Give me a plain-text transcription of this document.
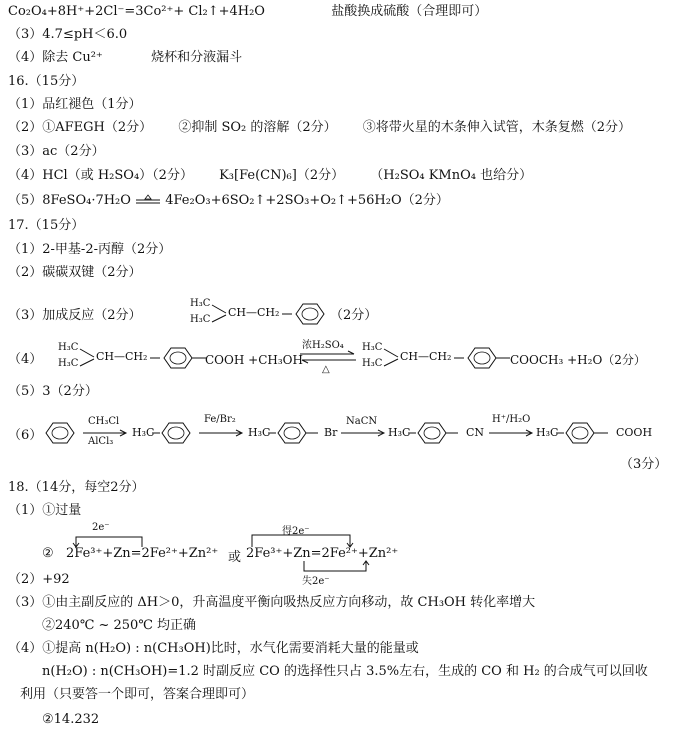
Co₂O₄+8H⁺+2Cl⁻=3Co²⁺+ Cl₂↑+4H₂O	盐酸换成硫酸（合理即可）
（3）4.7≤pH＜6.0
（4）除去 Cu²⁺	烧杯和分液漏斗
16.（15分）
（1）品红褪色（1分）
（2）①AFEGH（2分） ②抑制 SO₂ 的溶解（2分） ③将带火星的木条伸入试管，木条复燃（2分）
（3）ac（2分）
（4）HCl（或 H₂SO₄）（2分） K₃[Fe(CN)₆]（2分） （H₂SO₄ KMnO₄ 也给分）
（5）8FeSO₄·7H₂O	4Fe₂O₃+6SO₂↑+2SO₃+O₂↑+56H₂O（2分）
17.（15分）
（1）2-甲基-2-丙醇（2分）
（2）碳碳双键（2分）
（3）加成反应（2分）
H₃C
H₃C
CH—CH₂	（2分）
（4）
H₃C
H₃C
CH—CH₂	COOH +CH₃OH
浓H₂SO₄
△
H₃C
H₃C
CH—CH₂	COOCH₃ +H₂O（2分）
（5）3（2分）
（6）
CH₃Cl
AlCl₃
H₃C
Fe/Br₂
H₃C	Br
NaCN
H₃C	CN
H⁺/H₂O
H₃C	COOH
（3分）
18.（14分，每空2分）
（1）①过量
②
2e⁻
2Fe³⁺+Zn=2Fe²⁺+Zn²⁺ 或
得2e⁻
2Fe³⁺+Zn=2Fe²⁺+Zn²⁺
失2e⁻
（2）+92
（3）①由主副反应的 ΔH＞0，升高温度平衡向吸热反应方向移动，故 CH₃OH 转化率增大
②240℃ ~ 250℃ 均正确
（4）①提高 n(H₂O) : n(CH₃OH)比时，水气化需要消耗大量的能量或
n(H₂O) : n(CH₃OH)=1.2 时副反应 CO 的选择性只占 3.5%左右，生成的 CO 和 H₂ 的合成气可以回收
利用（只要答一个即可，答案合理即可）
②14.232
